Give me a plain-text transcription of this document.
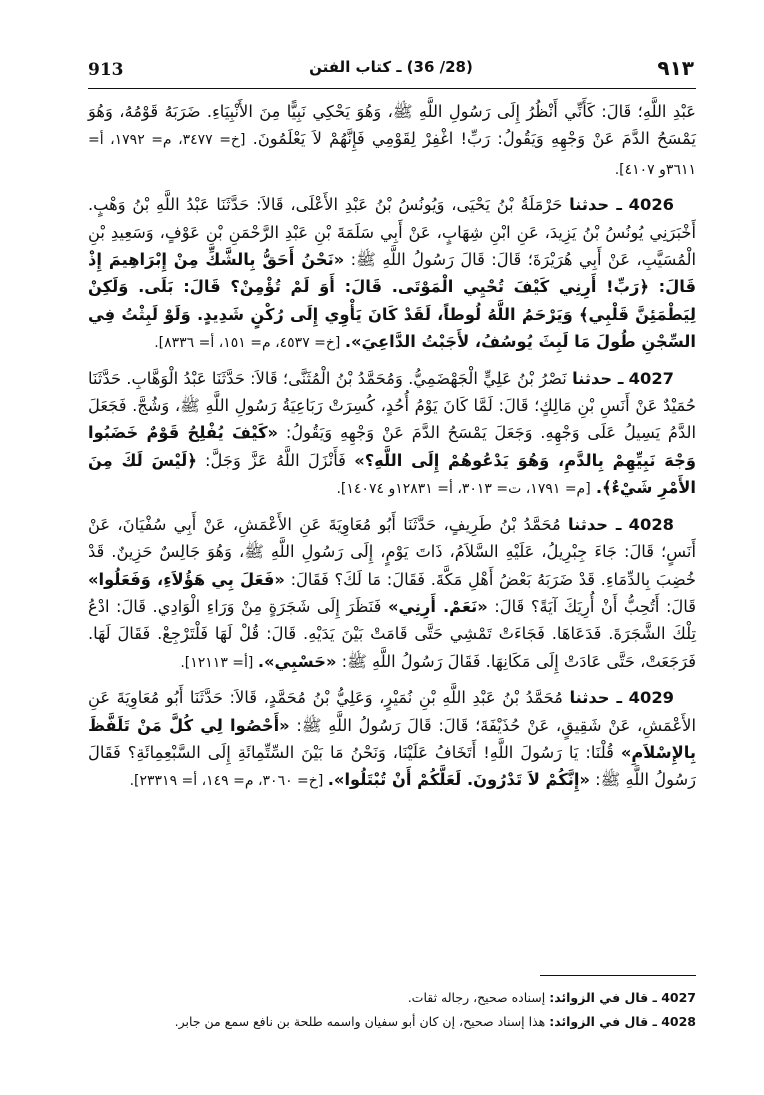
913	(28/ 36) ـ كتاب الفتن	٩١٣

عَبْدِ اللَّهِ؛ قَالَ: كَأَنِّي أَنْظُرُ إِلَى رَسُولِ اللَّهِ ﷺ، وَهُوَ يَحْكِي نَبِيًّا مِنَ الأَنْبِيَاءِ. ضَرَبَهُ قَوْمُهُ، وَهُوَ يَمْسَحُ الدَّمَ عَنْ وَجْهِهِ وَيَقُولُ: رَبِّ! اغْفِرْ لِقَوْمِي فَإِنَّهُمْ لاَ يَعْلَمُونَ. [خ= ٣٤٧٧، م= ١٧٩٢، أ= ٣٦١١و ٤١٠٧].

4026 ـ حدثنا حَرْمَلَةُ بْنُ يَحْيَى، وَيُونُسُ بْنُ عَبْدِ الأَعْلَى، قَالاَ: حَدَّثَنَا عَبْدُ اللَّهِ بْنُ وَهْبٍ. أَخْبَرَنِي يُونُسُ بْنُ يَزِيدَ، عَنِ ابْنِ شِهَابٍ، عَنْ أَبِي سَلَمَةَ بْنِ عَبْدِ الرَّحْمَنِ بْنِ عَوْفٍ، وَسَعِيدِ بْنِ الْمُسَيَّبِ، عَنْ أَبِي هُرَيْرَةَ؛ قَالَ: قَالَ رَسُولُ اللَّهِ ﷺ: «نَحْنُ أَحَقُّ بِالشَّكِّ مِنْ إِبْرَاهِيمَ إِذْ قَالَ: ﴿رَبِّ! أَرِنِي كَيْفَ تُحْيِي الْمَوْتَى. قَالَ: أَوَ لَمْ تُؤْمِنْ؟ قَالَ: بَلَى. وَلَكِنْ لِيَطْمَئِنَّ قَلْبِي﴾ وَيَرْحَمُ اللَّهُ لُوطاً، لَقَدْ كَانَ يَأْوِي إِلَى رُكْنٍ شَدِيدٍ. وَلَوْ لَبِثْتُ فِي السِّجْنِ طُولَ مَا لَبِثَ يُوسُفُ، لأَجَبْتُ الدَّاعِيَ». [خ= ٤٥٣٧، م= ١٥١، أ= ٨٣٣٦].

4027 ـ حدثنا نَصْرُ بْنُ عَلِيٍّ الْجَهْضَمِيُّ. وَمُحَمَّدُ بْنُ الْمُثَنَّى؛ قَالاَ: حَدَّثَنَا عَبْدُ الْوَهَّابِ. حَدَّثَنَا حُمَيْدٌ عَنْ أَنَسِ بْنِ مَالِكٍ؛ قَالَ: لَمَّا كَانَ يَوْمُ أُحُدٍ، كُسِرَتْ رَبَاعِيَةُ رَسُولِ اللَّهِ ﷺ، وَشُجَّ. فَجَعَلَ الدَّمُ يَسِيلُ عَلَى وَجْهِهِ. وَجَعَلَ يَمْسَحُ الدَّمَ عَنْ وَجْهِهِ وَيَقُولُ: «كَيْفَ يُفْلِحُ قَوْمٌ خَضَبُوا وَجْهَ نَبِيِّهِمْ بِالدَّمِ، وَهُوَ يَدْعُوهُمْ إِلَى اللَّهِ؟» فَأَنْزَلَ اللَّهُ عَزَّ وَجَلَّ: ﴿لَيْسَ لَكَ مِنَ الأَمْرِ شَيْءٌ﴾. [م= ١٧٩١، ت= ٣٠١٣، أ= ١٢٨٣١و ١٤٠٧٤].

4028 ـ حدثنا مُحَمَّدُ بْنُ طَرِيفٍ، حَدَّثَنَا أَبُو مُعَاوِيَةَ عَنِ الأَعْمَشِ، عَنْ أَبِي سُفْيَانَ، عَنْ أَنَسٍ؛ قَالَ: جَاءَ جِبْرِيلُ، عَلَيْهِ السَّلاَمُ، ذَاتَ يَوْمٍ، إِلَى رَسُولِ اللَّهِ ﷺ، وَهُوَ جَالِسٌ حَزِينٌ. قَدْ خُضِبَ بِالدِّمَاءِ. قَدْ ضَرَبَهُ بَعْضُ أَهْلِ مَكَّةَ. فَقَالَ: مَا لَكَ؟ فَقَالَ: «فَعَلَ بِي هَؤُلاَءِ، وَفَعَلُوا» قَالَ: أَتُحِبُّ أَنْ أُرِيَكَ آيَةً؟ قَالَ: «نَعَمْ. أَرِنِي» فَنَظَرَ إِلَى شَجَرَةٍ مِنْ وَرَاءِ الْوَادِي. قَالَ: ادْعُ تِلْكَ الشَّجَرَةَ. فَدَعَاهَا. فَجَاءَتْ تَمْشِي حَتَّى قَامَتْ بَيْنَ يَدَيْهِ. قَالَ: قُلْ لَهَا فَلْتَرْجِعْ. فَقَالَ لَهَا. فَرَجَعَتْ، حَتَّى عَادَتْ إِلَى مَكَانِهَا. فَقَالَ رَسُولُ اللَّهِ ﷺ: «حَسْبِي». [أ= ١٢١١٣].

4029 ـ حدثنا مُحَمَّدُ بْنُ عَبْدِ اللَّهِ بْنِ نُمَيْرٍ، وَعَلِيُّ بْنُ مُحَمَّدٍ، قَالاَ: حَدَّثَنَا أَبُو مُعَاوِيَةَ عَنِ الأَعْمَشِ، عَنْ شَقِيقٍ، عَنْ حُذَيْفَةَ؛ قَالَ: قَالَ رَسُولُ اللَّهِ ﷺ: «أَحْصُوا لِي كُلَّ مَنْ تَلَفَّظَ بِالإِسْلاَمِ» قُلْنَا: يَا رَسُولَ اللَّهِ! أَتَخَافُ عَلَيْنَا، وَنَحْنُ مَا بَيْنَ السِّتِّمِائَةِ إِلَى السَّبْعِمِائَةِ؟ فَقَالَ رَسُولُ اللَّهِ ﷺ: «إِنَّكُمْ لاَ تَدْرُونَ. لَعَلَّكُمْ أَنْ تُبْتَلُوا». [خ= ٣٠٦٠، م= ١٤٩، أ= ٢٣٣١٩].

4027 ـ قال في الزوائد: إسناده صحيح، رجاله ثقات.

4028 ـ قال في الزوائد: هذا إسناد صحيح، إن كان أبو سفيان واسمه طلحة بن نافع سمع من جابر.
